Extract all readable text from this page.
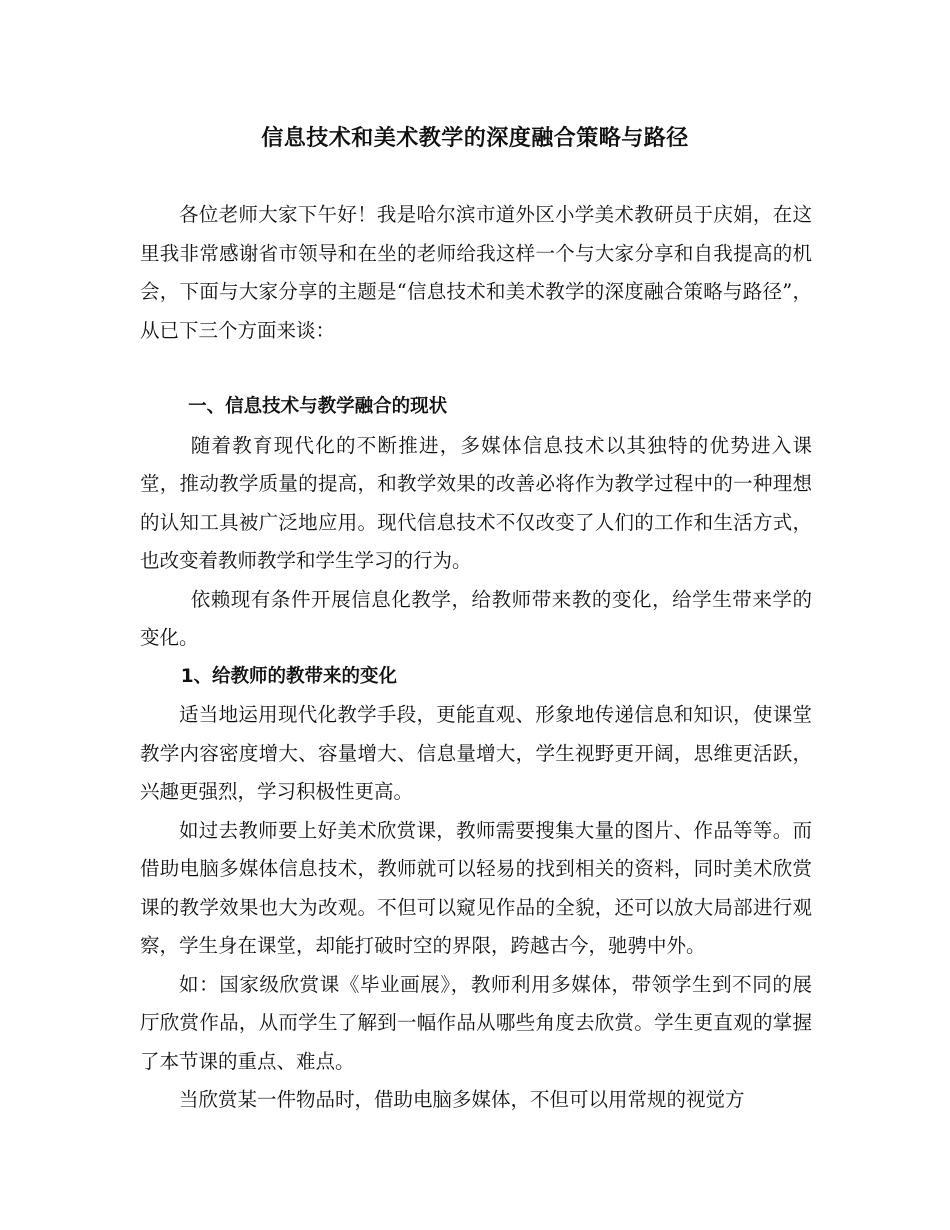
信息技术和美术教学的深度融合策略与路径

各位老师大家下午好！我是哈尔滨市道外区小学美术教研员于庆娟，在这里我非常感谢省市领导和在坐的老师给我这样一个与大家分享和自我提高的机会，下面与大家分享的主题是“信息技术和美术教学的深度融合策略与路径”，从已下三个方面来谈：

一、信息技术与教学融合的现状

随着教育现代化的不断推进，多媒体信息技术以其独特的优势进入课堂，推动教学质量的提高，和教学效果的改善必将作为教学过程中的一种理想的认知工具被广泛地应用。现代信息技术不仅改变了人们的工作和生活方式，也改变着教师教学和学生学习的行为。

依赖现有条件开展信息化教学，给教师带来教的变化，给学生带来学的变化。

1、给教师的教带来的变化

适当地运用现代化教学手段，更能直观、形象地传递信息和知识，使课堂教学内容密度增大、容量增大、信息量增大，学生视野更开阔，思维更活跃，兴趣更强烈，学习积极性更高。

如过去教师要上好美术欣赏课，教师需要搜集大量的图片、作品等等。而借助电脑多媒体信息技术，教师就可以轻易的找到相关的资料，同时美术欣赏课的教学效果也大为改观。不但可以窥见作品的全貌，还可以放大局部进行观察，学生身在课堂，却能打破时空的界限，跨越古今，驰骋中外。

如：国家级欣赏课《毕业画展》，教师利用多媒体，带领学生到不同的展厅欣赏作品，从而学生了解到一幅作品从哪些角度去欣赏。学生更直观的掌握了本节课的重点、难点。

当欣赏某一件物品时，借助电脑多媒体，不但可以用常规的视觉方
